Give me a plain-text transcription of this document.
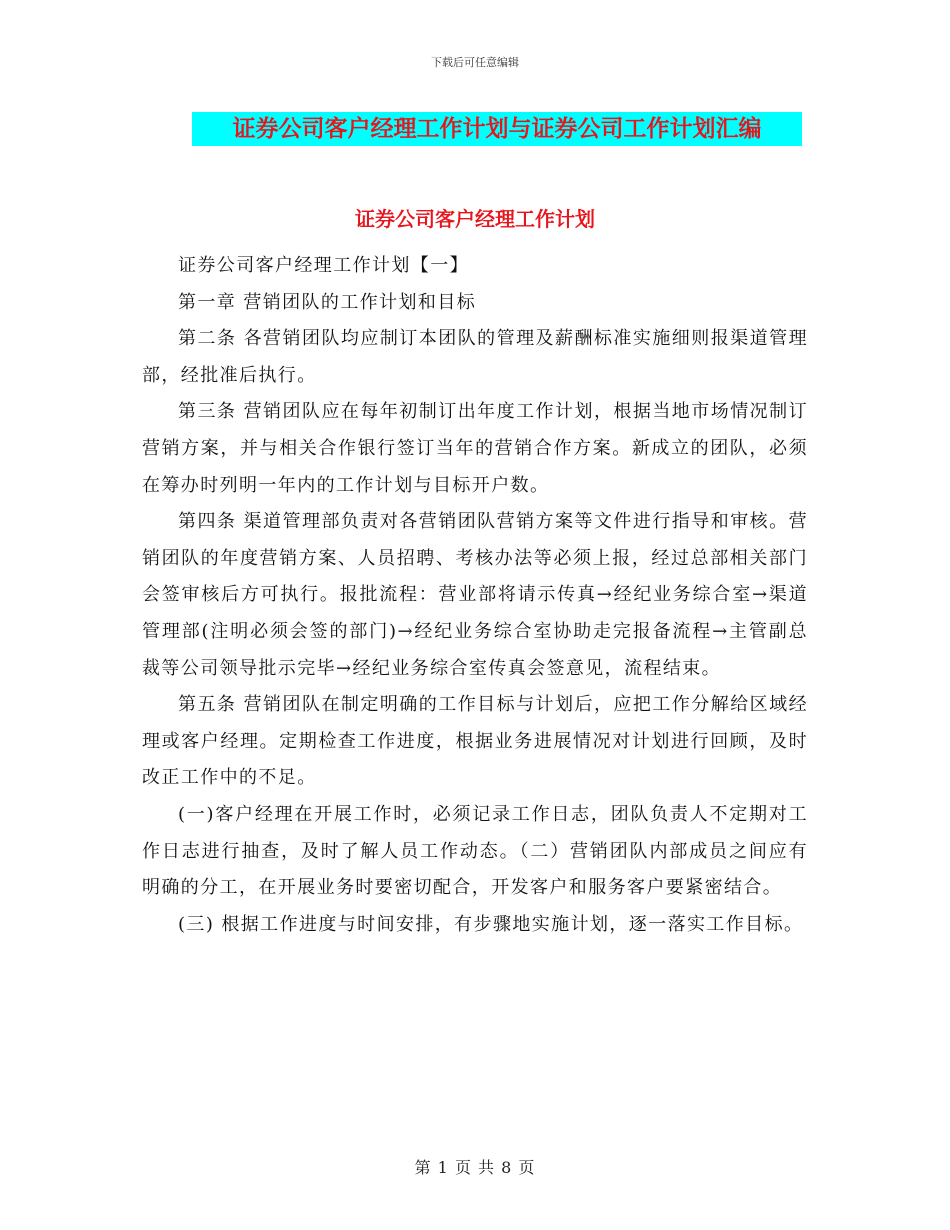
下载后可任意编辑
证券公司客户经理工作计划与证券公司工作计划汇编
证券公司客户经理工作计划

证券公司客户经理工作计划【一】

第一章 营销团队的工作计划和目标

第二条 各营销团队均应制订本团队的管理及薪酬标准实施细则报渠道管理部，经批准后执行。

第三条 营销团队应在每年初制订出年度工作计划，根据当地市场情况制订营销方案，并与相关合作银行签订当年的营销合作方案。新成立的团队，必须在筹办时列明一年内的工作计划与目标开户数。

第四条 渠道管理部负责对各营销团队营销方案等文件进行指导和审核。营销团队的年度营销方案、人员招聘、考核办法等必须上报，经过总部相关部门会签审核后方可执行。报批流程：营业部将请示传真→经纪业务综合室→渠道管理部(注明必须会签的部门)→经纪业务综合室协助走完报备流程→主管副总裁等公司领导批示完毕→经纪业务综合室传真会签意见，流程结束。

第五条 营销团队在制定明确的工作目标与计划后，应把工作分解给区域经理或客户经理。定期检查工作进度，根据业务进展情况对计划进行回顾，及时改正工作中的不足。

(一)客户经理在开展工作时，必须记录工作日志，团队负责人不定期对工作日志进行抽查，及时了解人员工作动态。（二）营销团队内部成员之间应有明确的分工，在开展业务时要密切配合，开发客户和服务客户要紧密结合。

(三) 根据工作进度与时间安排，有步骤地实施计划，逐一落实工作目标。

第 1 页 共 8 页
